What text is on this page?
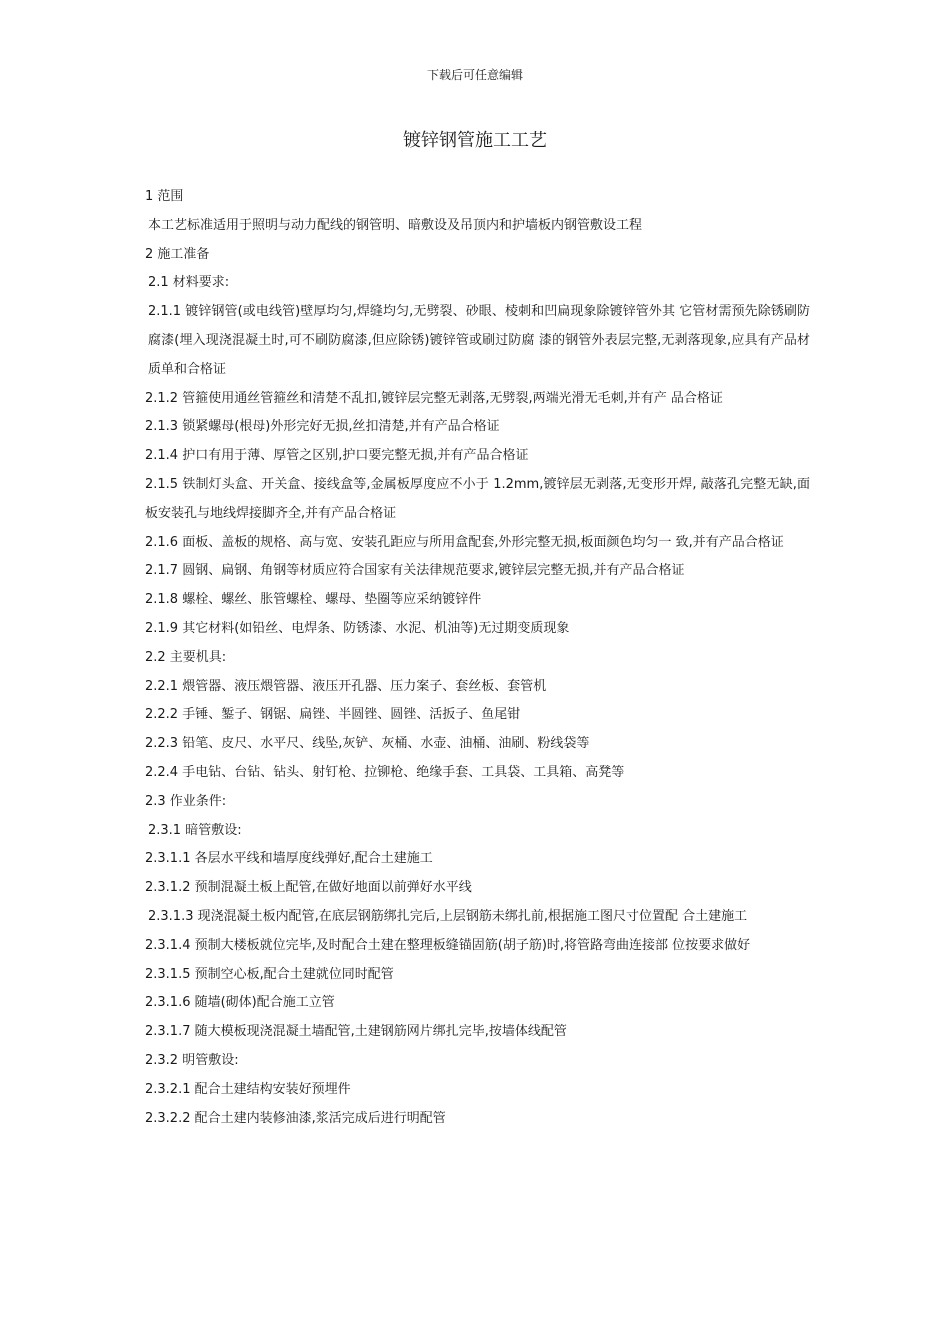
下载后可任意编辑
镀锌钢管施工工艺

1 范围

本工艺标准适用于照明与动力配线的钢管明、暗敷设及吊顶内和护墙板内钢管敷设工程

2 施工准备

2.1 材料要求:

2.1.1 镀锌钢管(或电线管)壁厚均匀,焊缝均匀,无劈裂、砂眼、棱刺和凹扁现象除镀锌管外其 它管材需预先除锈刷防腐漆(埋入现浇混凝土时,可不刷防腐漆,但应除锈)镀锌管或刷过防腐 漆的钢管外表层完整,无剥落现象,应具有产品材质单和合格证

2.1.2 管箍使用通丝管箍丝和清楚不乱扣,镀锌层完整无剥落,无劈裂,两端光滑无毛刺,并有产 品合格证

2.1.3 锁紧螺母(根母)外形完好无损,丝扣清楚,并有产品合格证

2.1.4 护口有用于薄、厚管之区别,护口要完整无损,并有产品合格证

2.1.5 铁制灯头盒、开关盒、接线盒等,金属板厚度应不小于 1.2mm,镀锌层无剥落,无变形开焊, 敲落孔完整无缺,面板安装孔与地线焊接脚齐全,并有产品合格证

2.1.6 面板、盖板的规格、高与宽、安装孔距应与所用盒配套,外形完整无损,板面颜色均匀一 致,并有产品合格证

2.1.7 圆钢、扁钢、角钢等材质应符合国家有关法律规范要求,镀锌层完整无损,并有产品合格证

2.1.8 螺栓、螺丝、胀管螺栓、螺母、垫圈等应采纳镀锌件

2.1.9 其它材料(如铅丝、电焊条、防锈漆、水泥、机油等)无过期变质现象

2.2 主要机具:

2.2.1 煨管器、液压煨管器、液压开孔器、压力案子、套丝板、套管机

2.2.2 手锤、錾子、钢锯、扁锉、半圆锉、圆锉、活扳子、鱼尾钳

2.2.3 铅笔、皮尺、水平尺、线坠,灰铲、灰桶、水壶、油桶、油刷、粉线袋等

2.2.4 手电钻、台钻、钻头、射钉枪、拉铆枪、绝缘手套、工具袋、工具箱、高凳等

2.3 作业条件:

2.3.1 暗管敷设:

2.3.1.1 各层水平线和墙厚度线弹好,配合土建施工

2.3.1.2 预制混凝土板上配管,在做好地面以前弹好水平线

2.3.1.3 现浇混凝土板内配管,在底层钢筋绑扎完后,上层钢筋未绑扎前,根据施工图尺寸位置配 合土建施工

2.3.1.4 预制大楼板就位完毕,及时配合土建在整理板缝锚固筋(胡子筋)时,将管路弯曲连接部 位按要求做好

2.3.1.5 预制空心板,配合土建就位同时配管

2.3.1.6 随墙(砌体)配合施工立管

2.3.1.7 随大模板现浇混凝土墙配管,土建钢筋网片绑扎完毕,按墙体线配管

2.3.2 明管敷设:

2.3.2.1 配合土建结构安装好预埋件

2.3.2.2 配合土建内装修油漆,浆活完成后进行明配管
